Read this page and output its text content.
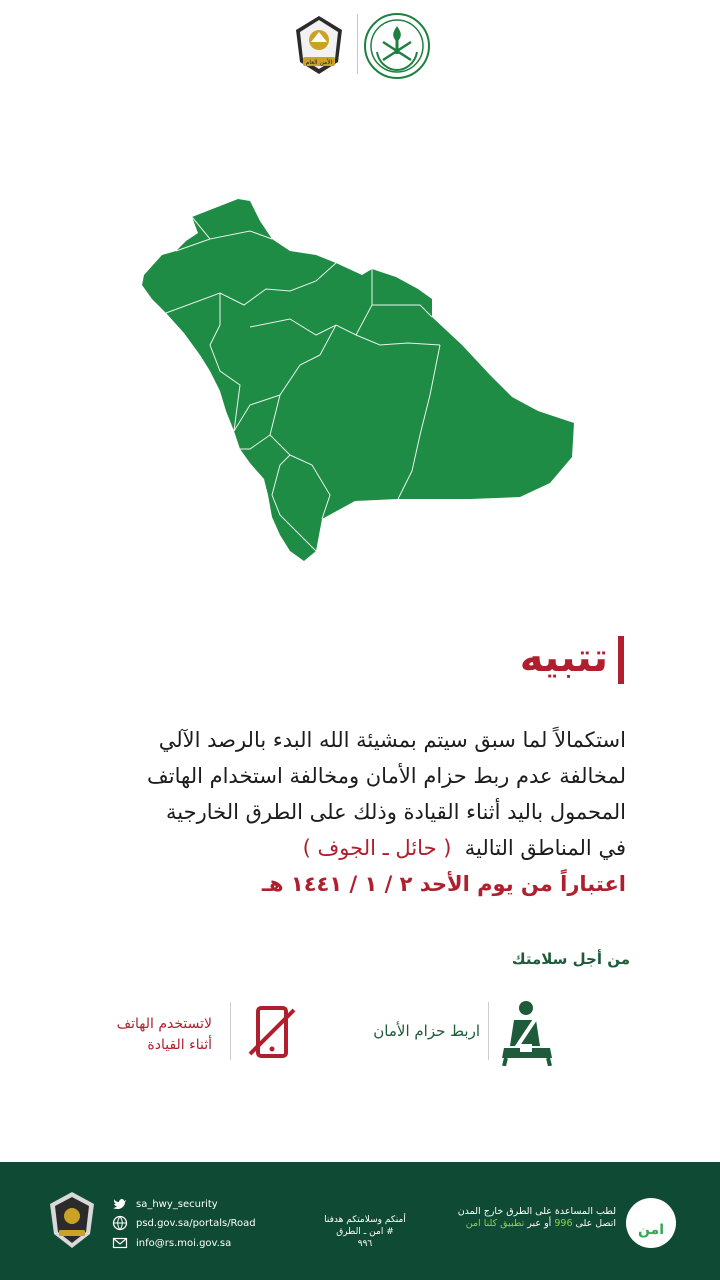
الأمن العام
تتبيه

استكمالاً لما سبق سيتم بمشيئة الله البدء بالرصد الآلي

لمخالفة عدم ربط حزام الأمان ومخالفة استخدام الهاتف

المحمول باليد أثناء القيادة وذلك على الطرق الخارجية

في المناطق التالية  ( حائل ـ الجوف )

اعتباراً من يوم الأحد ٢ / ١ / ١٤٤١ هـ

من أجل سلامتك
اربط حزام الأمان
لاتستخدم الهاتف
أثناء القيادة
sa_hwy_security
psd.gov.sa/portals/Road
info@rs.moi.gov.sa
أمنكم وسلامتكم هدفنا
# امن ـ الطرق
٩٩٦
لطب المساعدة على الطرق خارج المدن
اتصل على 996 أو عبر تطبيق كلنا امن	امن
